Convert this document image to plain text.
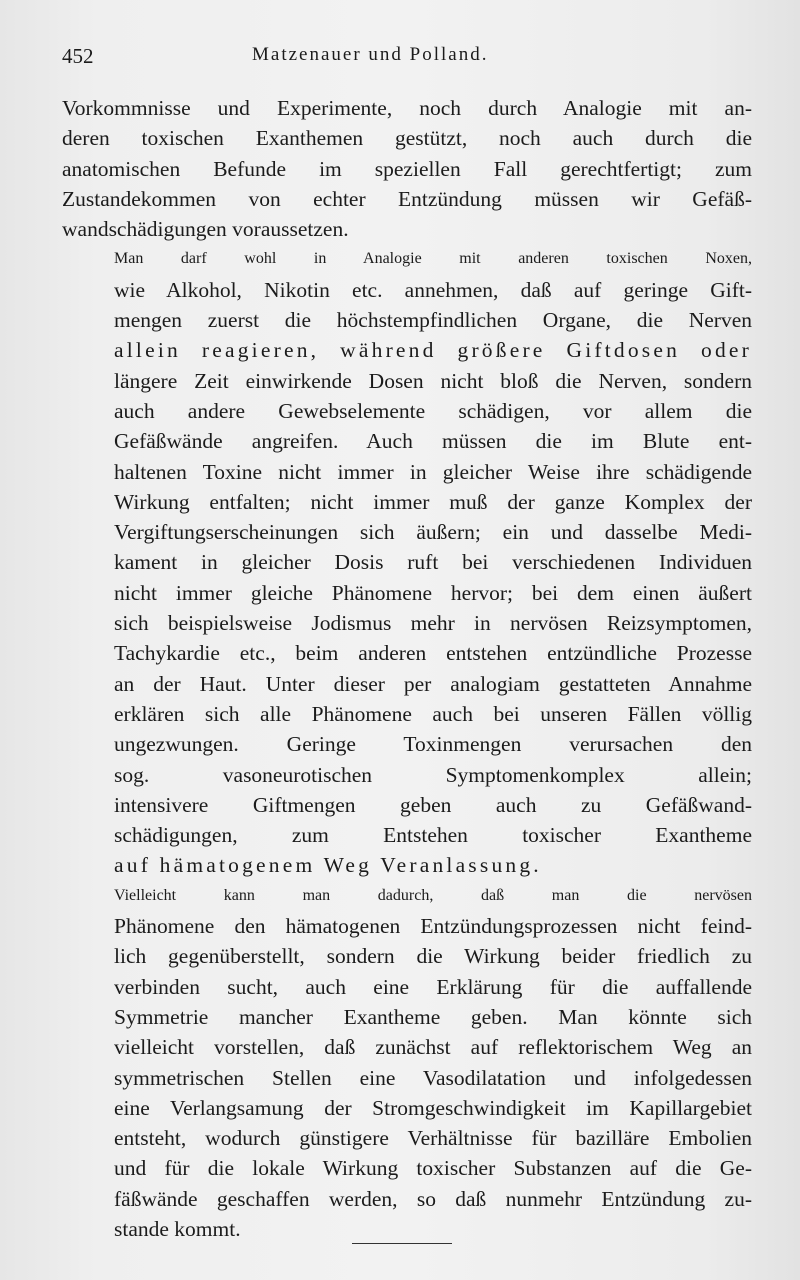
452	Matzenauer und Polland.

Vorkommnisse und Experimente, noch durch Analogie mit an-
deren toxischen Exanthemen gestützt, noch auch durch die
anatomischen Befunde im speziellen Fall gerechtfertigt; zum
Zustandekommen von echter Entzündung müssen wir Gefäß-
wandschädigungen voraussetzen.

Man darf wohl in Analogie mit anderen toxischen Noxen,
wie Alkohol, Nikotin etc. annehmen, daß auf geringe Gift-
mengen zuerst die höchstempfindlichen Organe, die Nerven
allein reagieren, während größere Giftdosen oder
längere Zeit einwirkende Dosen nicht bloß die Nerven, sondern
auch andere Gewebselemente schädigen, vor allem die
Gefäßwände angreifen. Auch müssen die im Blute ent-
haltenen Toxine nicht immer in gleicher Weise ihre schädigende
Wirkung entfalten; nicht immer muß der ganze Komplex der
Vergiftungserscheinungen sich äußern; ein und dasselbe Medi-
kament in gleicher Dosis ruft bei verschiedenen Individuen
nicht immer gleiche Phänomene hervor; bei dem einen äußert
sich beispielsweise Jodismus mehr in nervösen Reizsymptomen,
Tachykardie etc., beim anderen entstehen entzündliche Prozesse
an der Haut. Unter dieser per analogiam gestatteten Annahme
erklären sich alle Phänomene auch bei unseren Fällen völlig
ungezwungen. Geringe Toxinmengen verursachen den
sog. vasoneurotischen Symptomenkomplex allein;
intensivere Giftmengen geben auch zu Gefäßwand-
schädigungen, zum Entstehen toxischer Exantheme
auf hämatogenem Weg Veranlassung.

Vielleicht kann man dadurch, daß man die nervösen
Phänomene den hämatogenen Entzündungsprozessen nicht feind-
lich gegenüberstellt, sondern die Wirkung beider friedlich zu
verbinden sucht, auch eine Erklärung für die auffallende
Symmetrie mancher Exantheme geben. Man könnte sich
vielleicht vorstellen, daß zunächst auf reflektorischem Weg an
symmetrischen Stellen eine Vasodilatation und infolgedessen
eine Verlangsamung der Stromgeschwindigkeit im Kapillargebiet
entsteht, wodurch günstigere Verhältnisse für bazilläre Embolien
und für die lokale Wirkung toxischer Substanzen auf die Ge-
fäßwände geschaffen werden, so daß nunmehr Entzündung zu-
stande kommt.
